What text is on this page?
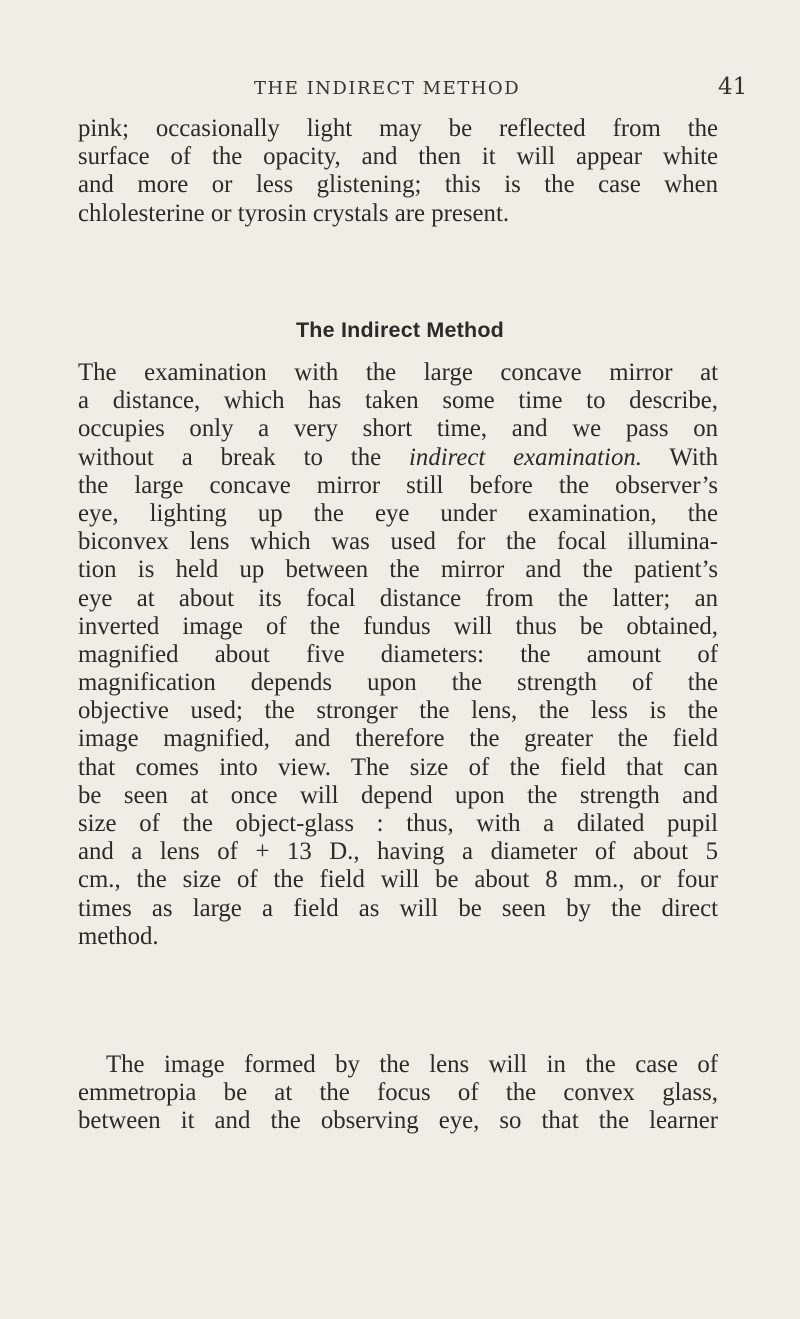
THE INDIRECT METHOD	41
pink; occasionally light may be reflected from the
surface of the opacity, and then it will appear white
and more or less glistening; this is the case when
chlolesterine or tyrosin crystals are present.
The Indirect Method
The examination with the large concave mirror at
a distance, which has taken some time to describe,
occupies only a very short time, and we pass on
without a break to the indirect examination. With
the large concave mirror still before the observer’s
eye, lighting up the eye under examination, the
biconvex lens which was used for the focal illumina-
tion is held up between the mirror and the patient’s
eye at about its focal distance from the latter; an
inverted image of the fundus will thus be obtained,
magnified about five diameters: the amount of
magnification depends upon the strength of the
objective used; the stronger the lens, the less is the
image magnified, and therefore the greater the field
that comes into view. The size of the field that can
be seen at once will depend upon the strength and
size of the object-glass : thus, with a dilated pupil
and a lens of + 13 D., having a diameter of about 5
cm., the size of the field will be about 8 mm., or four
times as large a field as will be seen by the direct
method.
The image formed by the lens will in the case of
emmetropia be at the focus of the convex glass,
between it and the observing eye, so that the learner
